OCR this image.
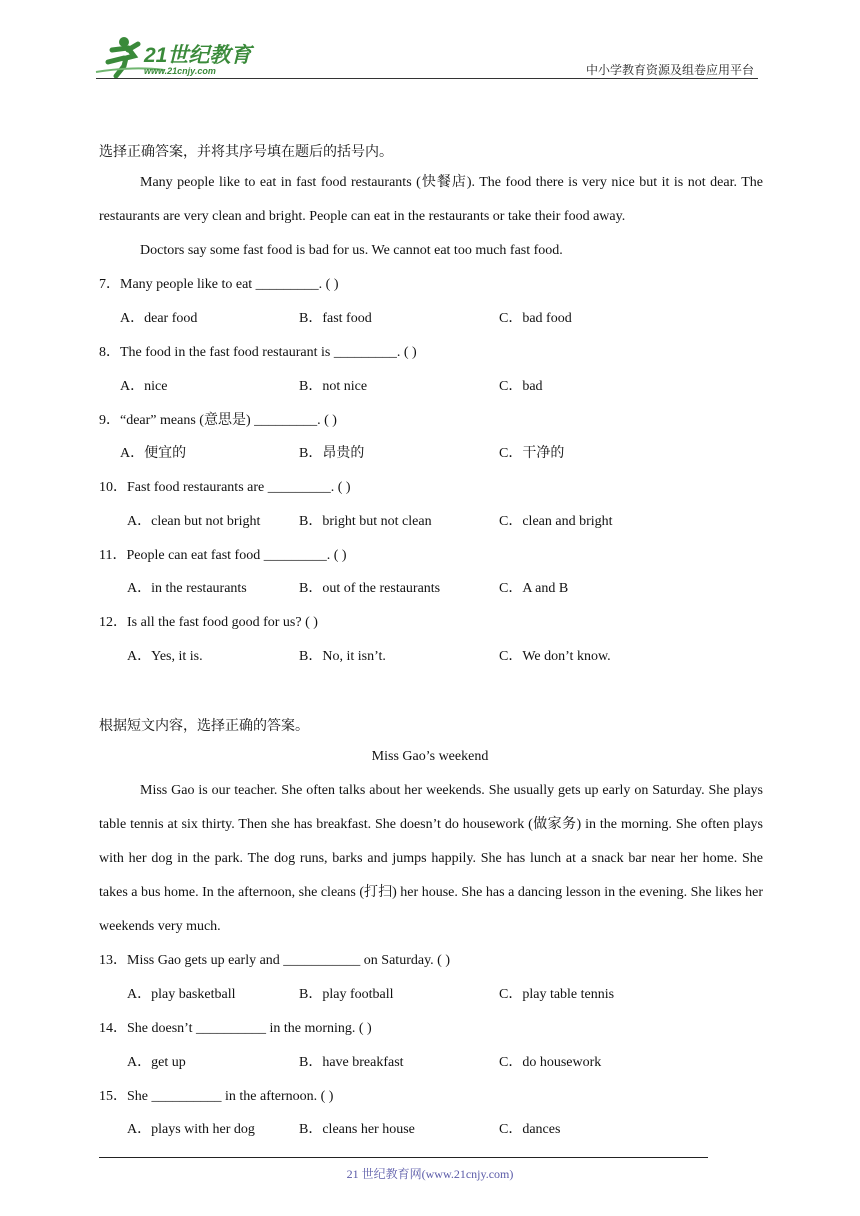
21世纪教育
www.21cnjy.com	中小学教育资源及组卷应用平台
选择正确答案，并将其序号填在题后的括号内。
Many people like to eat in fast food restaurants (快餐店). The food there is very nice but it is not dear. The restaurants are very clean and bright. People can eat in the restaurants or take their food away.
Doctors say some fast food is bad for us. We cannot eat too much fast food.
7．Many people like to eat _________. ( )
A．dear food	B．fast food	C．bad food
8．The food in the fast food restaurant is _________. ( )
A．nice	B．not nice	C．bad
9．“dear” means (意思是) _________. ( )
A．便宜的	B．昂贵的	C．干净的
10．Fast food restaurants are _________. ( )
A．clean but not bright	B．bright but not clean	C．clean and bright
11．People can eat fast food _________. ( )
A．in the restaurants	B．out of the restaurants	C．A and B
12．Is all the fast food good for us? ( )
A．Yes, it is.	B．No, it isn’t.	C．We don’t know.
根据短文内容，选择正确的答案。
Miss Gao’s weekend
Miss Gao is our teacher. She often talks about her weekends. She usually gets up early on Saturday. She plays table tennis at six thirty. Then she has breakfast. She doesn’t do housework (做家务) in the morning. She often plays with her dog in the park. The dog runs, barks and jumps happily. She has lunch at a snack bar near her home. She takes a bus home. In the afternoon, she cleans (打扫) her house. She has a dancing lesson in the evening. She likes her weekends very much.
13．Miss Gao gets up early and ___________ on Saturday. ( )
A．play basketball	B．play football	C．play table tennis
14．She doesn’t __________ in the morning. ( )
A．get up	B．have breakfast	C．do housework
15．She __________ in the afternoon. ( )
A．plays with her dog	B．cleans her house	C．dances
21 世纪教育网(www.21cnjy.com)
